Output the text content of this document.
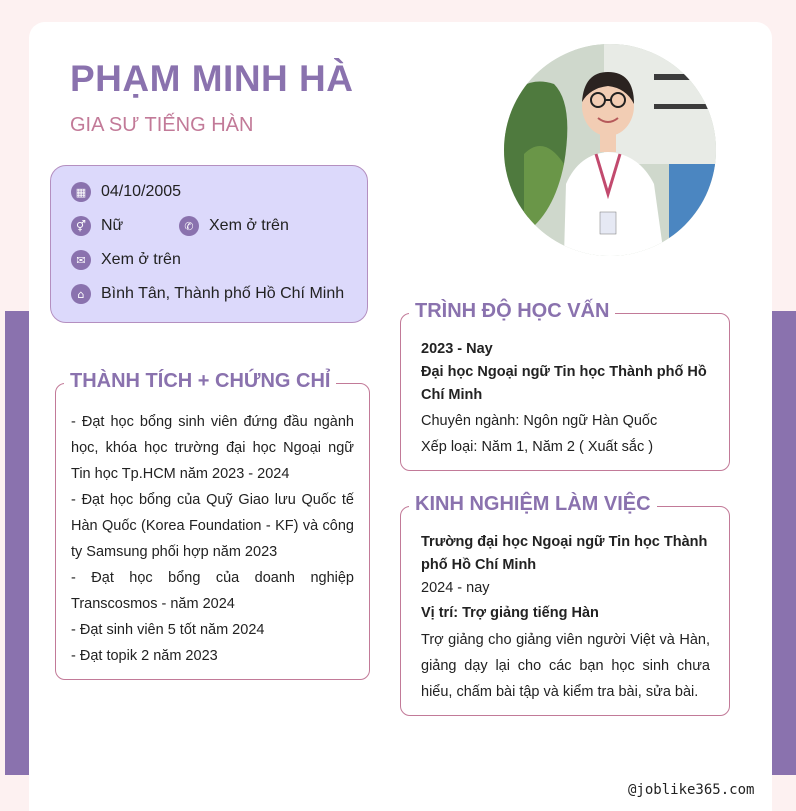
PHẠM MINH HÀ
GIA SƯ TIẾNG HÀN
▦ 04/10/2005
⚥ Nữ	✆ Xem ở trên
✉ Xem ở trên
⌂	Bình Tân, Thành phố Hồ Chí Minh
THÀNH TÍCH + CHỨNG CHỈ
- Đạt học bổng sinh viên đứng đầu ngành học, khóa học trường đại học Ngoại ngữ Tin học Tp.HCM năm 2023 - 2024
- Đạt học bổng của Quỹ Giao lưu Quốc tế Hàn Quốc (Korea Foundation - KF) và công ty Samsung phối hợp năm 2023
- Đạt học bổng của doanh nghiệp Transcosmos - năm 2024
- Đạt sinh viên 5 tốt năm 2024
- Đạt topik 2 năm 2023
TRÌNH ĐỘ HỌC VẤN
2023 - Nay
Đại học Ngoại ngữ Tin học Thành phố Hồ Chí Minh
Chuyên ngành: Ngôn ngữ Hàn Quốc
Xếp loại: Năm 1, Năm 2 ( Xuất sắc )
KINH NGHIỆM LÀM VIỆC
Trường đại học Ngoại ngữ Tin học Thành phố Hồ Chí Minh
2024 - nay
Vị trí: Trợ giảng tiếng Hàn
Trợ giảng cho giảng viên người Việt và Hàn, giảng dạy lại cho các bạn học sinh chưa hiểu, chấm bài tập và kiểm tra bài, sửa bài.
@joblike365.com
